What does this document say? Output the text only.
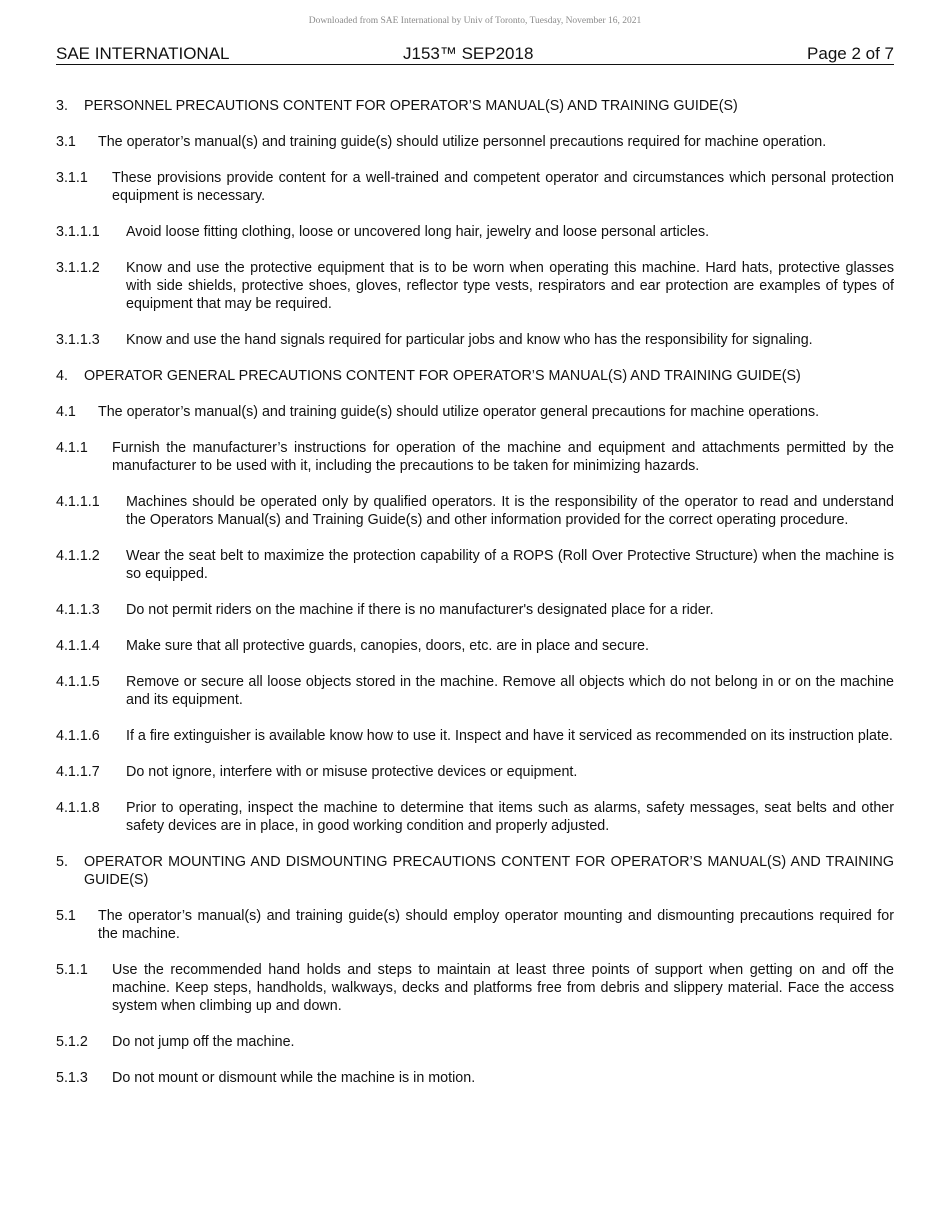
Downloaded from SAE International by Univ of Toronto, Tuesday, November 16, 2021
SAE INTERNATIONAL	J153™ SEP2018	Page 2 of 7
3.	PERSONNEL PRECAUTIONS CONTENT FOR OPERATOR’S MANUAL(S) AND TRAINING GUIDE(S)
3.1	The operator’s manual(s) and training guide(s) should utilize personnel precautions required for machine operation.
3.1.1	These provisions provide content for a well-trained and competent operator and circumstances which personal protection equipment is necessary.
3.1.1.1	Avoid loose fitting clothing, loose or uncovered long hair, jewelry and loose personal articles.
3.1.1.2	Know and use the protective equipment that is to be worn when operating this machine. Hard hats, protective glasses with side shields, protective shoes, gloves, reflector type vests, respirators and ear protection are examples of types of equipment that may be required.
3.1.1.3	Know and use the hand signals required for particular jobs and know who has the responsibility for signaling.
4.	OPERATOR GENERAL PRECAUTIONS CONTENT FOR OPERATOR’S MANUAL(S) AND TRAINING GUIDE(S)
4.1	The operator’s manual(s) and training guide(s) should utilize operator general precautions for machine operations.
4.1.1	Furnish the manufacturer’s instructions for operation of the machine and equipment and attachments permitted by the manufacturer to be used with it, including the precautions to be taken for minimizing hazards.
4.1.1.1	Machines should be operated only by qualified operators. It is the responsibility of the operator to read and understand the Operators Manual(s) and Training Guide(s) and other information provided for the correct operating procedure.
4.1.1.2	Wear the seat belt to maximize the protection capability of a ROPS (Roll Over Protective Structure) when the machine is so equipped.
4.1.1.3	Do not permit riders on the machine if there is no manufacturer's designated place for a rider.
4.1.1.4	Make sure that all protective guards, canopies, doors, etc. are in place and secure.
4.1.1.5	Remove or secure all loose objects stored in the machine. Remove all objects which do not belong in or on the machine and its equipment.
4.1.1.6	If a fire extinguisher is available know how to use it. Inspect and have it serviced as recommended on its instruction plate.
4.1.1.7	Do not ignore, interfere with or misuse protective devices or equipment.
4.1.1.8	Prior to operating, inspect the machine to determine that items such as alarms, safety messages, seat belts and other safety devices are in place, in good working condition and properly adjusted.
5.	OPERATOR MOUNTING AND DISMOUNTING PRECAUTIONS CONTENT FOR OPERATOR’S MANUAL(S) AND TRAINING GUIDE(S)
5.1	The operator’s manual(s) and training guide(s) should employ operator mounting and dismounting precautions required for the machine.
5.1.1	Use the recommended hand holds and steps to maintain at least three points of support when getting on and off the machine. Keep steps, handholds, walkways, decks and platforms free from debris and slippery material. Face the access system when climbing up and down.
5.1.2	Do not jump off the machine.
5.1.3	Do not mount or dismount while the machine is in motion.
